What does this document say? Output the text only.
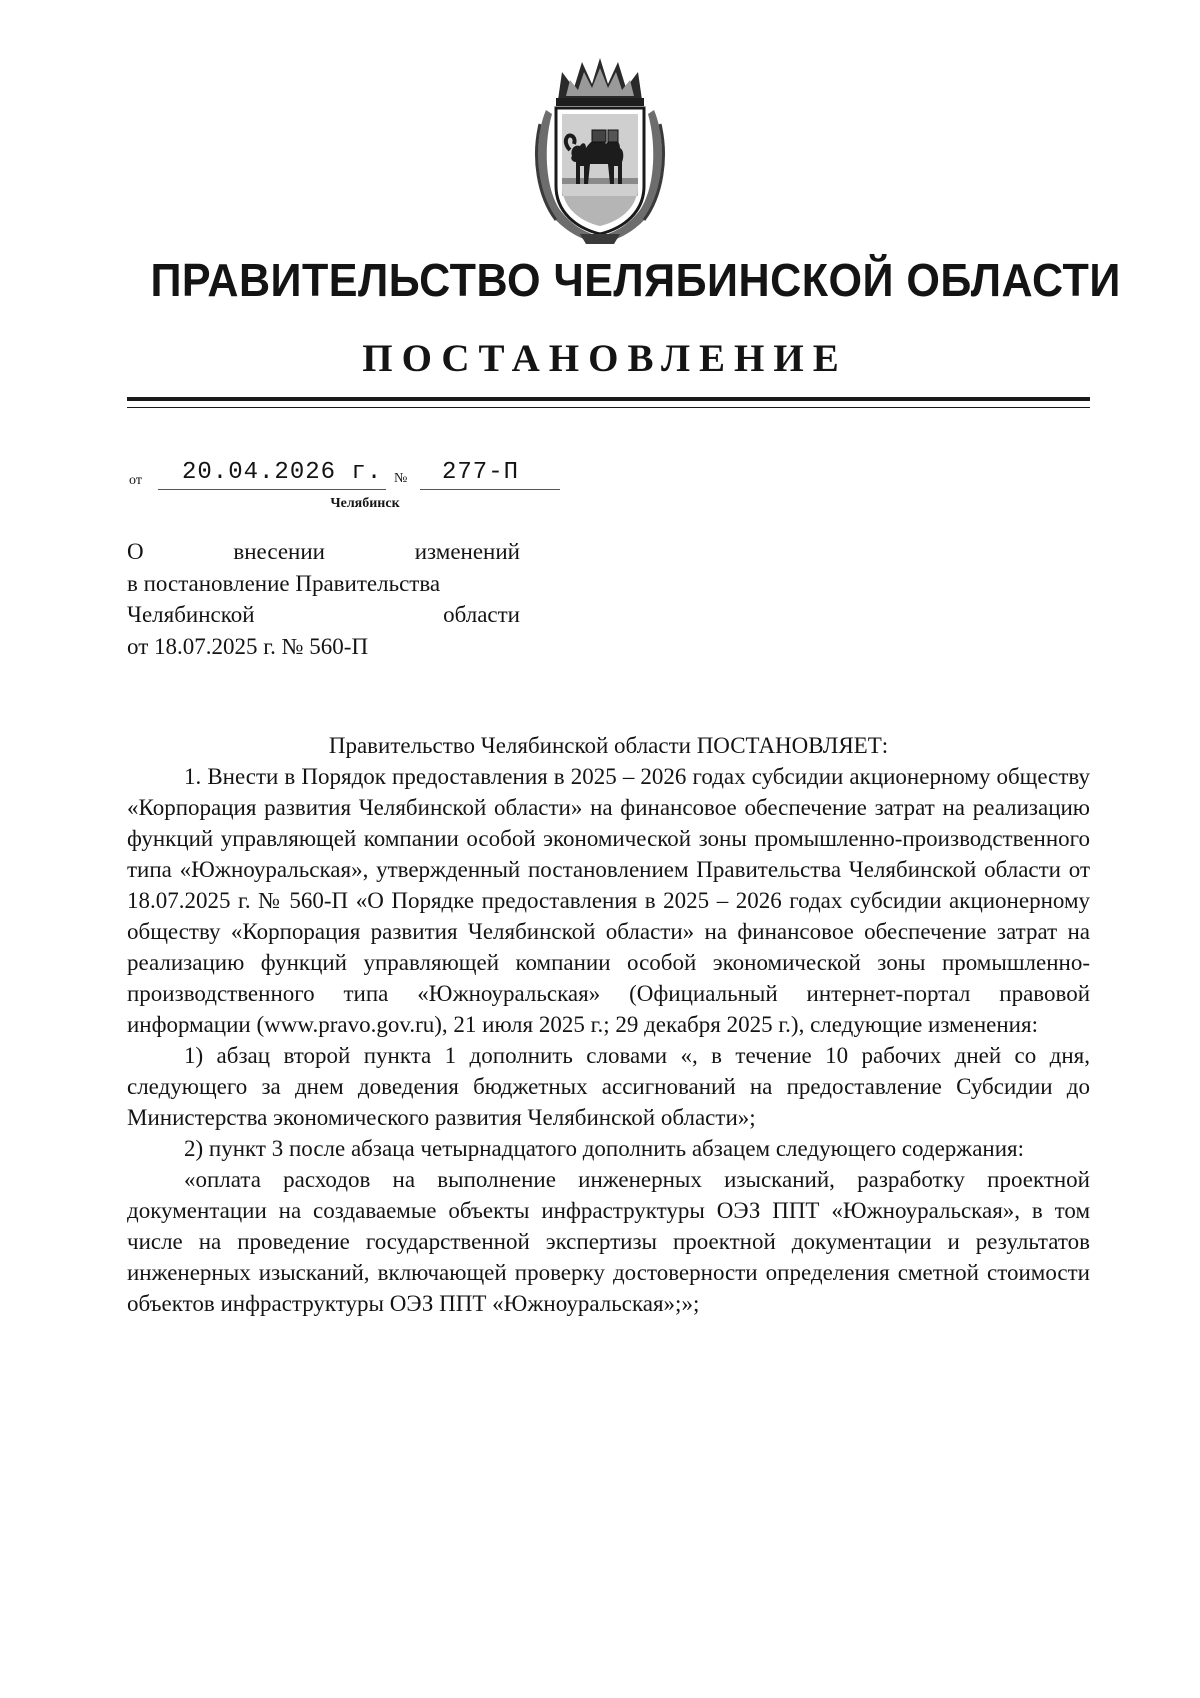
ПРАВИТЕЛЬСТВО ЧЕЛЯБИНСКОЙ ОБЛАСТИ
ПОСТАНОВЛЕНИЕ
от 20.04.2026 г. № 277-П
Челябинск
О	внесении	изменений
в постановление Правительства
Челябинской	области
от 18.07.2025 г. № 560-П
Правительство Челябинской области ПОСТАНОВЛЯЕТ:
1. Внести в Порядок предоставления в 2025 – 2026 годах субсидии акционерному обществу «Корпорация развития Челябинской области» на финансовое обеспечение затрат на реализацию функций управляющей компании особой экономической зоны промышленно-производственного типа «Южноуральская», утвержденный постановлением Правительства Челябинской области от 18.07.2025 г. № 560-П «О Порядке предоставления в 2025 – 2026 годах субсидии акционерному обществу «Корпорация развития Челябинской области» на финансовое обеспечение затрат на реализацию функций управляющей компании особой экономической зоны промышленно-производственного типа «Южноуральская» (Официальный интернет-портал правовой информации (www.pravo.gov.ru), 21 июля 2025 г.; 29 декабря 2025 г.), следующие изменения:
1) абзац второй пункта 1 дополнить словами «, в течение 10 рабочих дней со дня, следующего за днем доведения бюджетных ассигнований на предоставление Субсидии до Министерства экономического развития Челябинской области»;
2) пункт 3 после абзаца четырнадцатого дополнить абзацем следующего содержания:
«оплата расходов на выполнение инженерных изысканий, разработку проектной документации на создаваемые объекты инфраструктуры ОЭЗ ППТ «Южноуральская», в том числе на проведение государственной экспертизы проектной документации и результатов инженерных изысканий, включающей проверку достоверности определения сметной стоимости объектов инфраструктуры ОЭЗ ППТ «Южноуральская»;»;
